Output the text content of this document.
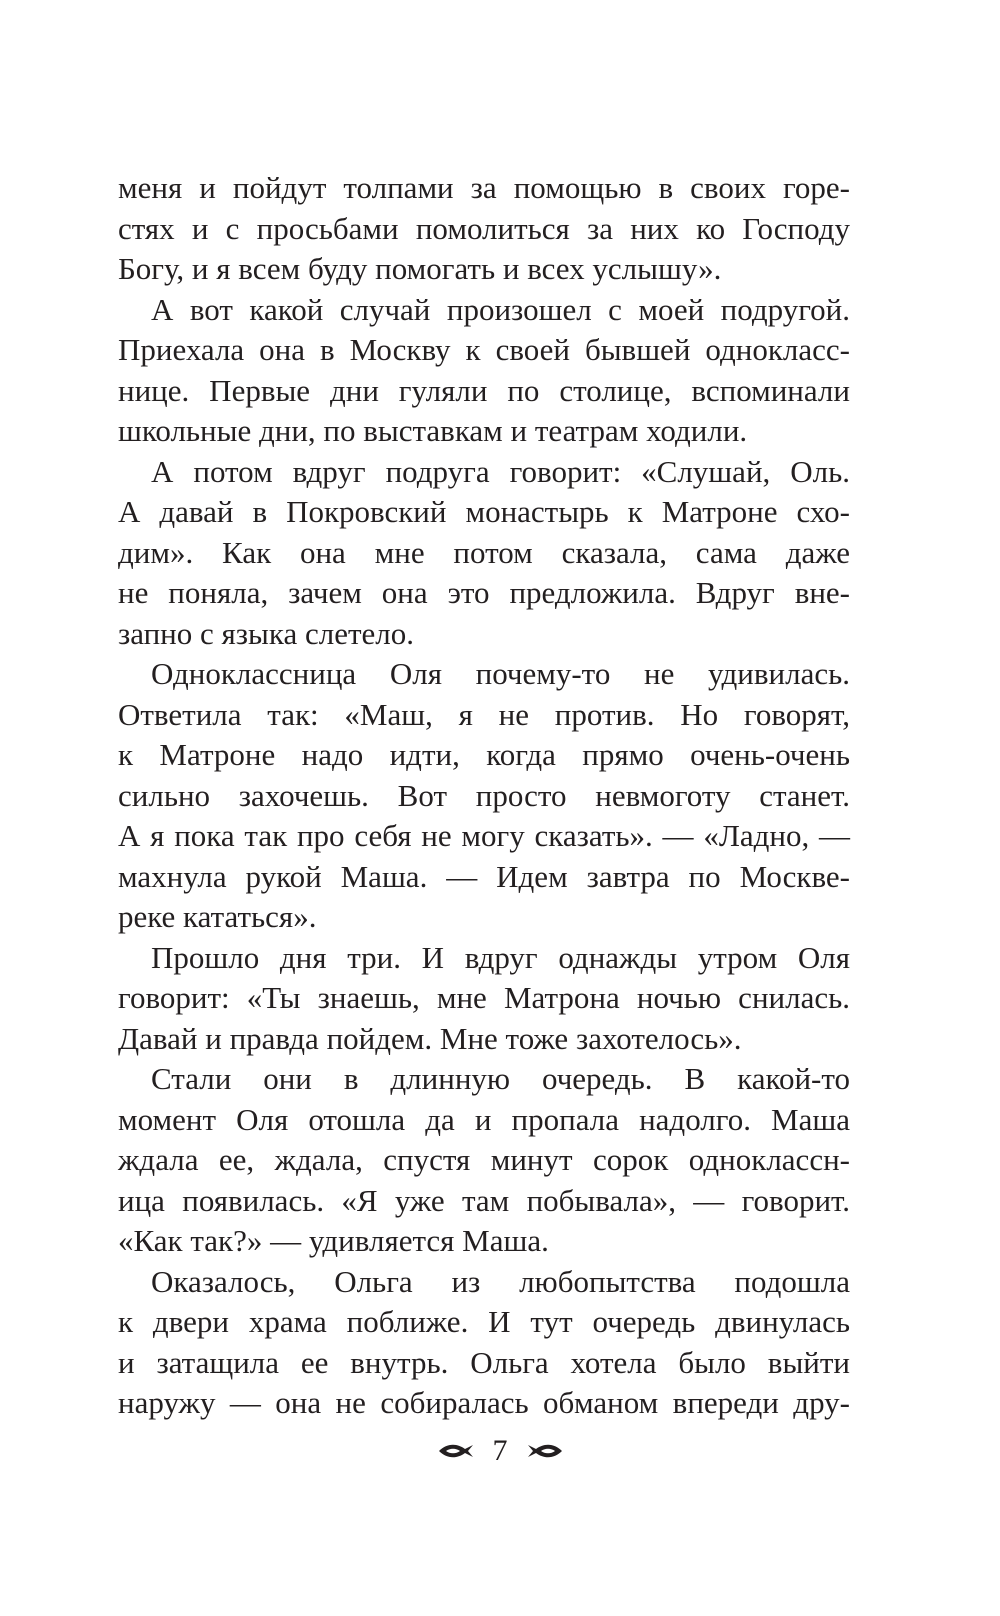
меня и пойдут толпами за помощью в своих горе-
стях и с просьбами помолиться за них ко Господу
Богу, и я всем буду помогать и всех услышу».
А вот какой случай произошел с моей подругой.
Приехала она в Москву к своей бывшей однокласс-
нице. Первые дни гуляли по столице, вспоминали
школьные дни, по выставкам и театрам ходили.
А потом вдруг подруга говорит: «Слушай, Оль.
А давай в Покровский монастырь к Матроне схо-
дим». Как она мне потом сказала, сама даже
не поняла, зачем она это предложила. Вдруг вне-
запно с языка слетело.
Одноклассница Оля почему-то не удивилась.
Ответила так: «Маш, я не против. Но говорят,
к Матроне надо идти, когда прямо очень-очень
сильно захочешь. Вот просто невмоготу станет.
А я пока так про себя не могу сказать». — «Ладно, —
махнула рукой Маша. — Идем завтра по Москве-
реке кататься».
Прошло дня три. И вдруг однажды утром Оля
говорит: «Ты знаешь, мне Матрона ночью снилась.
Давай и правда пойдем. Мне тоже захотелось».
Стали они в длинную очередь. В какой-то
момент Оля отошла да и пропала надолго. Маша
ждала ее, ждала, спустя минут сорок одноклассн-
ица появилась. «Я уже там побывала», — говорит.
«Как так?» — удивляется Маша.
Оказалось, Ольга из любопытства подошла
к двери храма поближе. И тут очередь двинулась
и затащила ее внутрь. Ольга хотела было выйти
наружу — она не собиралась обманом впереди дру-
7
